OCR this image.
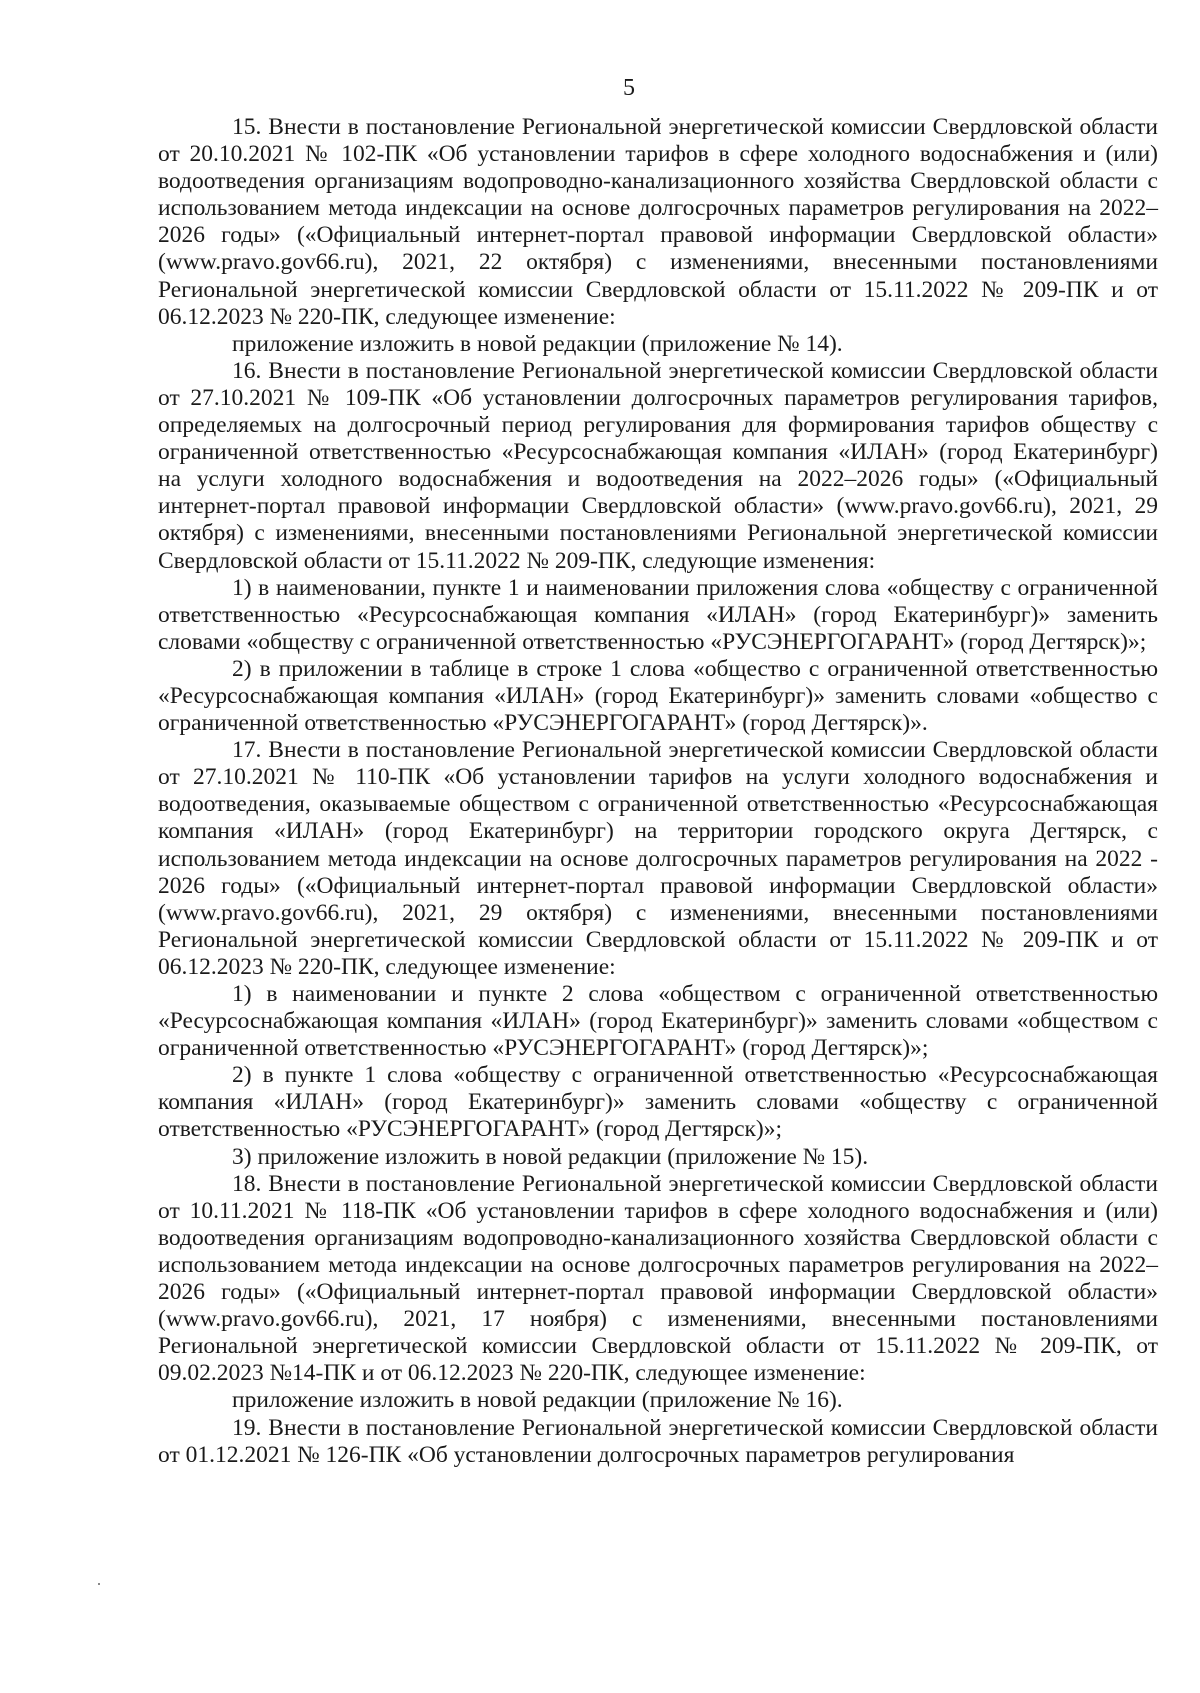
5

15. Внести в постановление Региональной энергетической комиссии Свердловской области от 20.10.2021 № 102-ПК «Об установлении тарифов в сфере холодного водоснабжения и (или) водоотведения организациям водопроводно-канализационного хозяйства Свердловской области с использованием метода индексации на основе долгосрочных параметров регулирования на 2022–2026 годы» («Официальный интернет-портал правовой информации Свердловской области» (www.pravo.gov66.ru), 2021, 22 октября) с изменениями, внесенными постановлениями Региональной энергетической комиссии Свердловской области от 15.11.2022 № 209-ПК и от 06.12.2023 № 220-ПК, следующее изменение:

приложение изложить в новой редакции (приложение № 14).

16. Внести в постановление Региональной энергетической комиссии Свердловской области от 27.10.2021 № 109-ПК «Об установлении долгосрочных параметров регулирования тарифов, определяемых на долгосрочный период регулирования для формирования тарифов обществу с ограниченной ответственностью «Ресурсоснабжающая компания «ИЛАН» (город Екатеринбург) на услуги холодного водоснабжения и водоотведения на 2022–2026 годы» («Официальный интернет-портал правовой информации Свердловской области» (www.pravo.gov66.ru), 2021, 29 октября) с изменениями, внесенными постановлениями Региональной энергетической комиссии Свердловской области от 15.11.2022 № 209-ПК, следующие изменения:

1) в наименовании, пункте 1 и наименовании приложения слова «обществу с ограниченной ответственностью «Ресурсоснабжающая компания «ИЛАН» (город Екатеринбург)» заменить словами «обществу с ограниченной ответственностью «РУСЭНЕРГОГАРАНТ» (город Дегтярск)»;

2) в приложении в таблице в строке 1 слова «общество с ограниченной ответственностью «Ресурсоснабжающая компания «ИЛАН» (город Екатеринбург)» заменить словами «общество с ограниченной ответственностью «РУСЭНЕРГОГАРАНТ» (город Дегтярск)».

17. Внести в постановление Региональной энергетической комиссии Свердловской области от 27.10.2021 № 110-ПК «Об установлении тарифов на услуги холодного водоснабжения и водоотведения, оказываемые обществом с ограниченной ответственностью «Ресурсоснабжающая компания «ИЛАН» (город Екатеринбург) на территории городского округа Дегтярск, с использованием метода индексации на основе долгосрочных параметров регулирования на 2022 - 2026 годы» («Официальный интернет-портал правовой информации Свердловской области» (www.pravo.gov66.ru), 2021, 29 октября) с изменениями, внесенными постановлениями Региональной энергетической комиссии Свердловской области от 15.11.2022 № 209-ПК и от 06.12.2023 № 220-ПК, следующее изменение:

1) в наименовании и пункте 2 слова «обществом с ограниченной ответственностью «Ресурсоснабжающая компания «ИЛАН» (город Екатеринбург)» заменить словами «обществом с ограниченной ответственностью «РУСЭНЕРГОГАРАНТ» (город Дегтярск)»;

2) в пункте 1 слова «обществу с ограниченной ответственностью «Ресурсоснабжающая компания «ИЛАН» (город Екатеринбург)» заменить словами «обществу с ограниченной ответственностью «РУСЭНЕРГОГАРАНТ» (город Дегтярск)»;

3) приложение изложить в новой редакции (приложение № 15).

18. Внести в постановление Региональной энергетической комиссии Свердловской области от 10.11.2021 № 118-ПК «Об установлении тарифов в сфере холодного водоснабжения и (или) водоотведения организациям водопроводно-канализационного хозяйства Свердловской области с использованием метода индексации на основе долгосрочных параметров регулирования на 2022–2026 годы» («Официальный интернет-портал правовой информации Свердловской области» (www.pravo.gov66.ru), 2021, 17 ноября) с изменениями, внесенными постановлениями Региональной энергетической комиссии Свердловской области от 15.11.2022 № 209-ПК, от 09.02.2023 №14-ПК и от 06.12.2023 № 220-ПК, следующее изменение:

приложение изложить в новой редакции (приложение № 16).

19. Внести в постановление Региональной энергетической комиссии Свердловской области от 01.12.2021 № 126-ПК «Об установлении долгосрочных параметров регулирования
